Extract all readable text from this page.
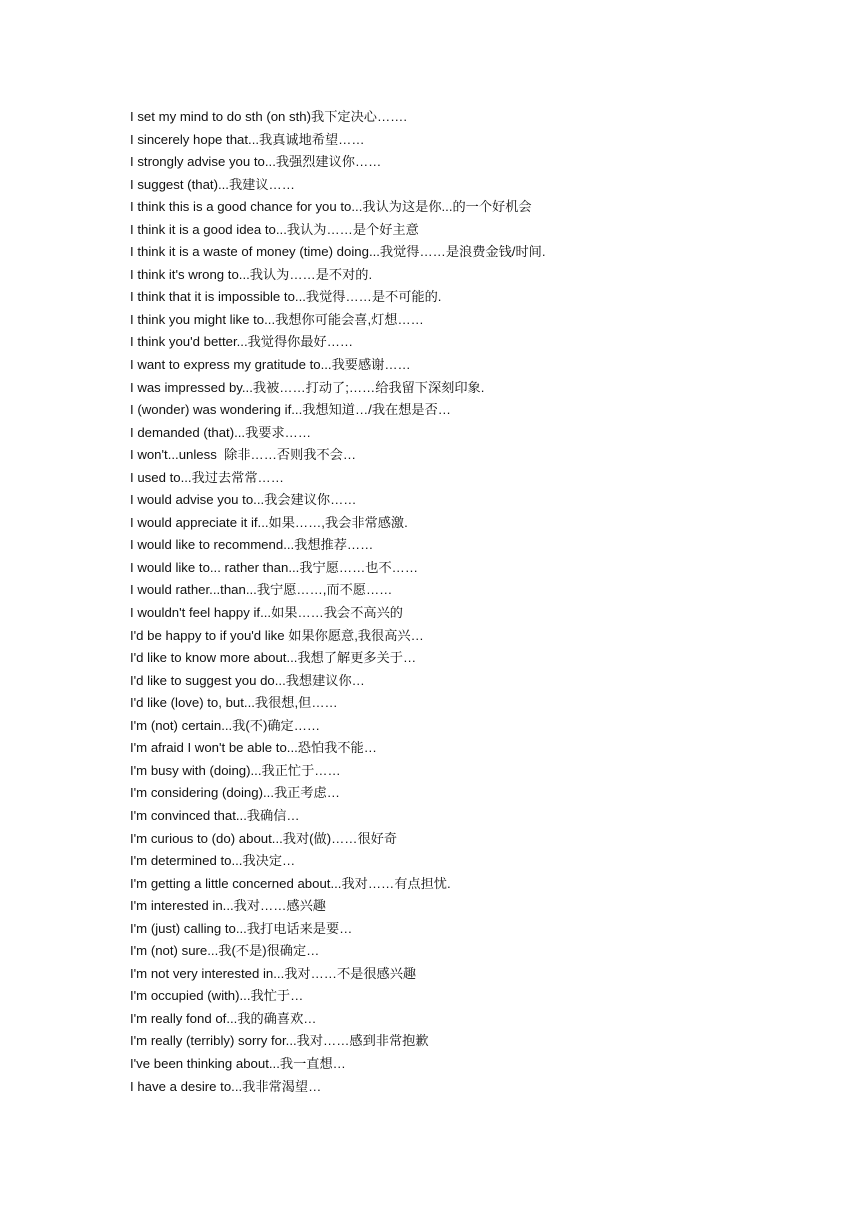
I set my mind to do sth (on sth)我下定决心…….
I sincerely hope that...我真诚地希望……
I strongly advise you to...我强烈建议你……
I suggest (that)...我建议……
I think this is a good chance for you to...我认为这是你...的一个好机会
I think it is a good idea to...我认为……是个好主意
I think it is a waste of money (time) doing...我觉得……是浪费金钱/时间.
I think it's wrong to...我认为……是不对的.
I think that it is impossible to...我觉得……是不可能的.
I think you might like to...我想你可能会喜,灯想……
I think you'd better...我觉得你最好……
I want to express my gratitude to...我要感谢……
I was impressed by...我被……打动了;……给我留下深刻印象.
I (wonder) was wondering if...我想知道…/我在想是否…
I demanded (that)...我要求……
I won't...unless  除非……否则我不会…
I used to...我过去常常……
I would advise you to...我会建议你……
I would appreciate it if...如果……,我会非常感激.
I would like to recommend...我想推荐……
I would like to... rather than...我宁愿……也不……
I would rather...than...我宁愿……,而不愿……
I wouldn't feel happy if...如果……我会不高兴的
I'd be happy to if you'd like 如果你愿意,我很高兴…
I'd like to know more about...我想了解更多关于…
I'd like to suggest you do...我想建议你…
I'd like (love) to, but...我很想,但……
I'm (not) certain...我(不)确定……
I'm afraid I won't be able to...恐怕我不能…
I'm busy with (doing)...我正忙于……
I'm considering (doing)...我正考虑…
I'm convinced that...我确信…
I'm curious to (do) about...我对(做)……很好奇
I'm determined to...我决定…
I'm getting a little concerned about...我对……有点担忧.
I'm interested in...我对……感兴趣
I'm (just) calling to...我打电话来是要…
I'm (not) sure...我(不是)很确定…
I'm not very interested in...我对……不是很感兴趣
I'm occupied (with)...我忙于…
I'm really fond of...我的确喜欢…
I'm really (terribly) sorry for...我对……感到非常抱歉
I've been thinking about...我一直想…
I have a desire to...我非常渴望…
